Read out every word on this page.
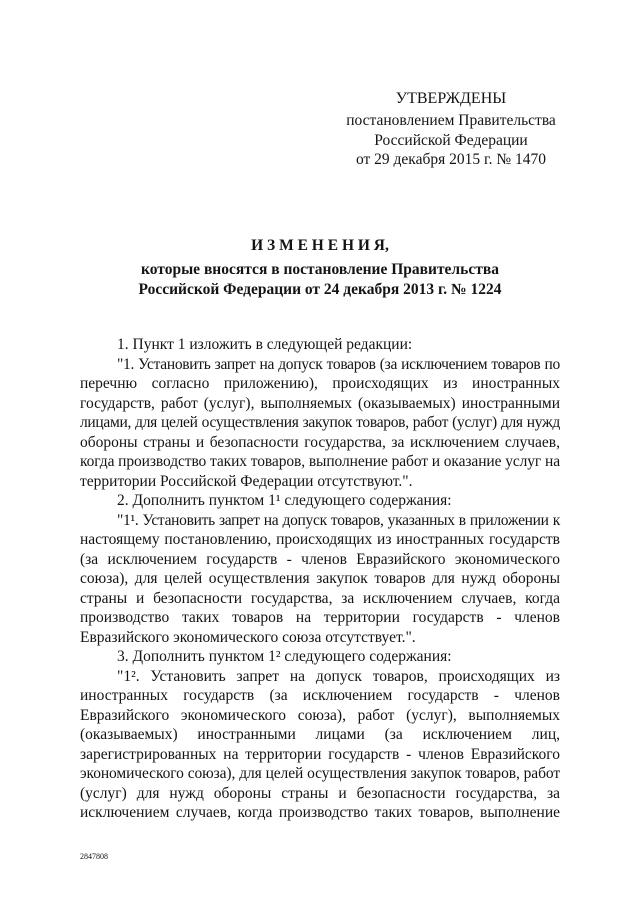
УТВЕРЖДЕНЫ
постановлением Правительства
Российской Федерации
от 29 декабря 2015 г. № 1470
И З М Е Н Е Н И Я,
которые вносятся в постановление Правительства
Российской Федерации от 24 декабря 2013 г. № 1224
1. Пункт 1 изложить в следующей редакции:
"1. Установить запрет на допуск товаров (за исключением товаров по
перечню согласно приложению), происходящих из иностранных
государств, работ (услуг), выполняемых (оказываемых) иностранными
лицами, для целей осуществления закупок товаров, работ (услуг) для нужд
обороны страны и безопасности государства, за исключением случаев,
когда производство таких товаров, выполнение работ и оказание услуг на
территории Российской Федерации отсутствуют.".
2. Дополнить пунктом 1¹ следующего содержания:
"1¹. Установить запрет на допуск товаров, указанных в приложении к
настоящему постановлению, происходящих из иностранных государств
(за исключением государств - членов Евразийского экономического
союза), для целей осуществления закупок товаров для нужд обороны
страны и безопасности государства, за исключением случаев, когда
производство таких товаров на территории государств - членов
Евразийского экономического союза отсутствует.".
3. Дополнить пунктом 1² следующего содержания:
"1². Установить запрет на допуск товаров, происходящих из
иностранных государств (за исключением государств - членов
Евразийского экономического союза), работ (услуг), выполняемых
(оказываемых) иностранными лицами (за исключением лиц,
зарегистрированных на территории государств - членов Евразийского
экономического союза), для целей осуществления закупок товаров, работ
(услуг) для нужд обороны страны и безопасности государства, за
исключением случаев, когда производство таких товаров, выполнение
2847808
